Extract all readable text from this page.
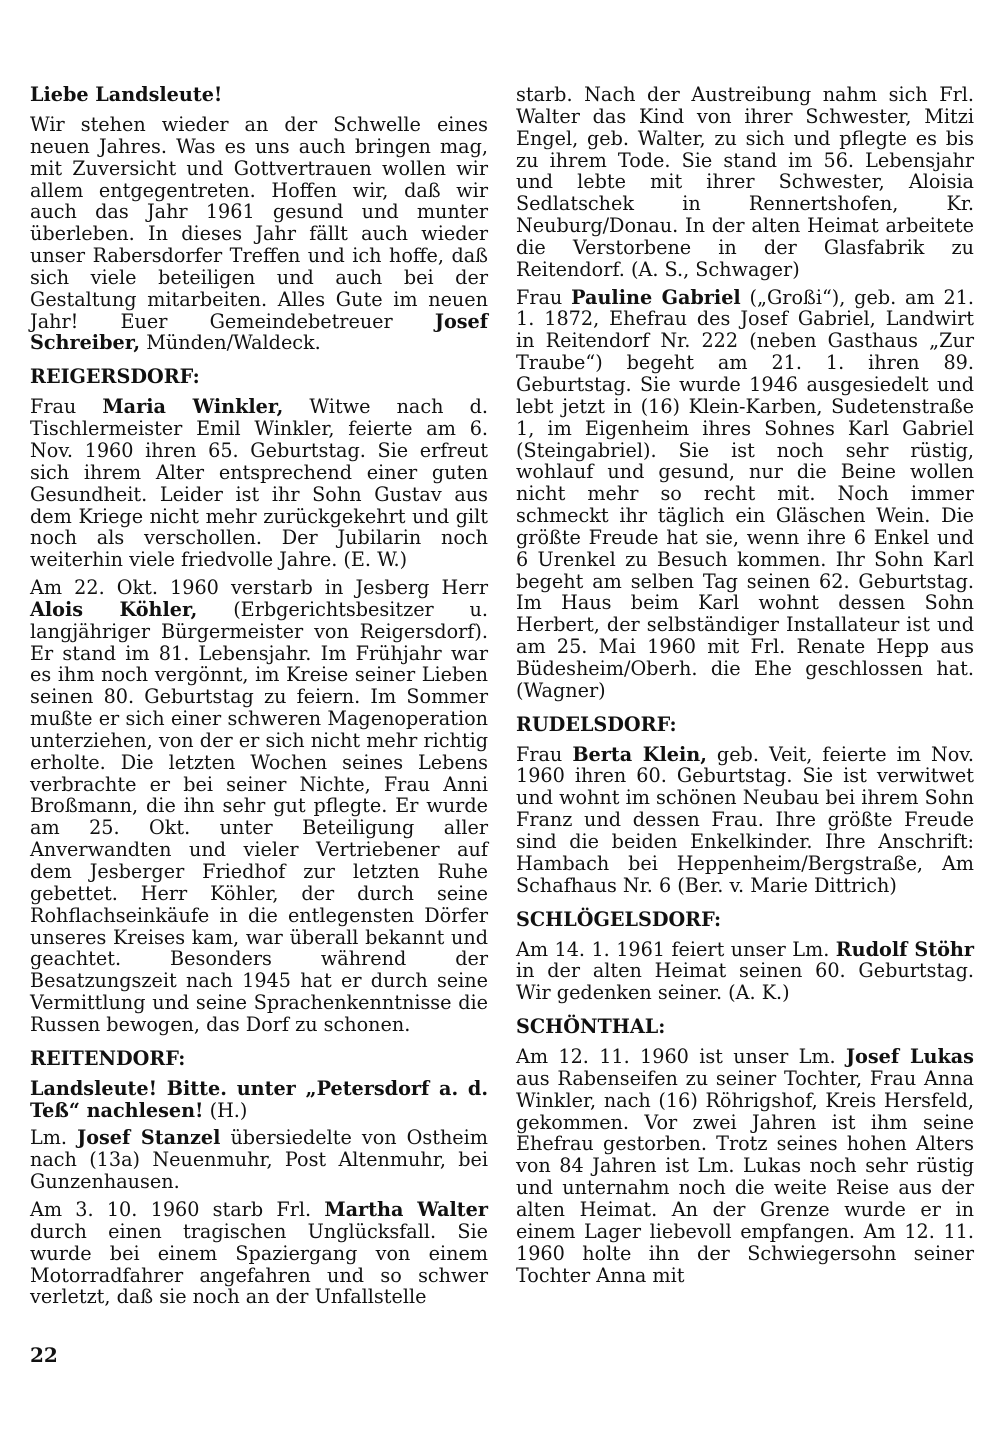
Liebe Landsleute!

Wir stehen wieder an der Schwelle eines neuen Jahres. Was es uns auch bringen mag, mit Zuversicht und Gottvertrauen wollen wir allem entgegentreten. Hoffen wir, daß wir auch das Jahr 1961 gesund und munter überleben. In dieses Jahr fällt auch wieder unser Rabersdorfer Treffen und ich hoffe, daß sich viele beteiligen und auch bei der Gestaltung mitarbeiten. Alles Gute im neuen Jahr! Euer Gemeindebetreuer Josef Schreiber, Münden/Waldeck.

REIGERSDORF:

Frau Maria Winkler, Witwe nach d. Tischlermeister Emil Winkler, feierte am 6. Nov. 1960 ihren 65. Geburtstag. Sie erfreut sich ihrem Alter entsprechend einer guten Gesundheit. Leider ist ihr Sohn Gustav aus dem Kriege nicht mehr zurückgekehrt und gilt noch als verschollen. Der Jubilarin noch weiterhin viele friedvolle Jahre. (E. W.)

Am 22. Okt. 1960 verstarb in Jesberg Herr Alois Köhler, (Erbgerichtsbesitzer u. langjähriger Bürgermeister von Reigersdorf). Er stand im 81. Lebensjahr. Im Frühjahr war es ihm noch vergönnt, im Kreise seiner Lieben seinen 80. Geburtstag zu feiern. Im Sommer mußte er sich einer schweren Magenoperation unterziehen, von der er sich nicht mehr richtig erholte. Die letzten Wochen seines Lebens verbrachte er bei seiner Nichte, Frau Anni Broßmann, die ihn sehr gut pflegte. Er wurde am 25. Okt. unter Beteiligung aller Anverwandten und vieler Vertriebener auf dem Jesberger Friedhof zur letzten Ruhe gebettet. Herr Köhler, der durch seine Rohflachseinkäufe in die entlegensten Dörfer unseres Kreises kam, war überall bekannt und geachtet. Besonders während der Besatzungszeit nach 1945 hat er durch seine Vermittlung und seine Sprachenkenntnisse die Russen bewogen, das Dorf zu schonen.

REITENDORF:

Landsleute! Bitte. unter „Petersdorf a. d. Teß“ nachlesen! (H.)

Lm. Josef Stanzel übersiedelte von Ostheim nach (13a) Neuenmuhr, Post Altenmuhr, bei Gunzenhausen.

Am 3. 10. 1960 starb Frl. Martha Walter durch einen tragischen Unglücksfall. Sie wurde bei einem Spaziergang von einem Motorradfahrer angefahren und so schwer verletzt, daß sie noch an der Unfallstelle

starb. Nach der Austreibung nahm sich Frl. Walter das Kind von ihrer Schwester, Mitzi Engel, geb. Walter, zu sich und pflegte es bis zu ihrem Tode. Sie stand im 56. Lebensjahr und lebte mit ihrer Schwester, Aloisia Sedlatschek in Rennertshofen, Kr. Neuburg/Donau. In der alten Heimat arbeitete die Verstorbene in der Glasfabrik zu Reitendorf. (A. S., Schwager)

Frau Pauline Gabriel („Großi“), geb. am 21. 1. 1872, Ehefrau des Josef Gabriel, Landwirt in Reitendorf Nr. 222 (neben Gasthaus „Zur Traube“) begeht am 21. 1. ihren 89. Geburtstag. Sie wurde 1946 ausgesiedelt und lebt jetzt in (16) Klein-Karben, Sudetenstraße 1, im Eigenheim ihres Sohnes Karl Gabriel (Steingabriel). Sie ist noch sehr rüstig, wohlauf und gesund, nur die Beine wollen nicht mehr so recht mit. Noch immer schmeckt ihr täglich ein Gläschen Wein. Die größte Freude hat sie, wenn ihre 6 Enkel und 6 Urenkel zu Besuch kommen. Ihr Sohn Karl begeht am selben Tag seinen 62. Geburtstag. Im Haus beim Karl wohnt dessen Sohn Herbert, der selbständiger Installateur ist und am 25. Mai 1960 mit Frl. Renate Hepp aus Büdesheim/Oberh. die Ehe geschlossen hat. (Wagner)

RUDELSDORF:

Frau Berta Klein, geb. Veit, feierte im Nov. 1960 ihren 60. Geburtstag. Sie ist verwitwet und wohnt im schönen Neubau bei ihrem Sohn Franz und dessen Frau. Ihre größte Freude sind die beiden Enkelkinder. Ihre Anschrift: Hambach bei Heppenheim/Bergstraße, Am Schafhaus Nr. 6 (Ber. v. Marie Dittrich)

SCHLÖGELSDORF:

Am 14. 1. 1961 feiert unser Lm. Rudolf Stöhr in der alten Heimat seinen 60. Geburtstag. Wir gedenken seiner. (A. K.)

SCHÖNTHAL:

Am 12. 11. 1960 ist unser Lm. Josef Lukas aus Rabenseifen zu seiner Tochter, Frau Anna Winkler, nach (16) Röhrigshof, Kreis Hersfeld, gekommen. Vor zwei Jahren ist ihm seine Ehefrau gestorben. Trotz seines hohen Alters von 84 Jahren ist Lm. Lukas noch sehr rüstig und unternahm noch die weite Reise aus der alten Heimat. An der Grenze wurde er in einem Lager liebevoll empfangen. Am 12. 11. 1960 holte ihn der Schwiegersohn seiner Tochter Anna mit

22
